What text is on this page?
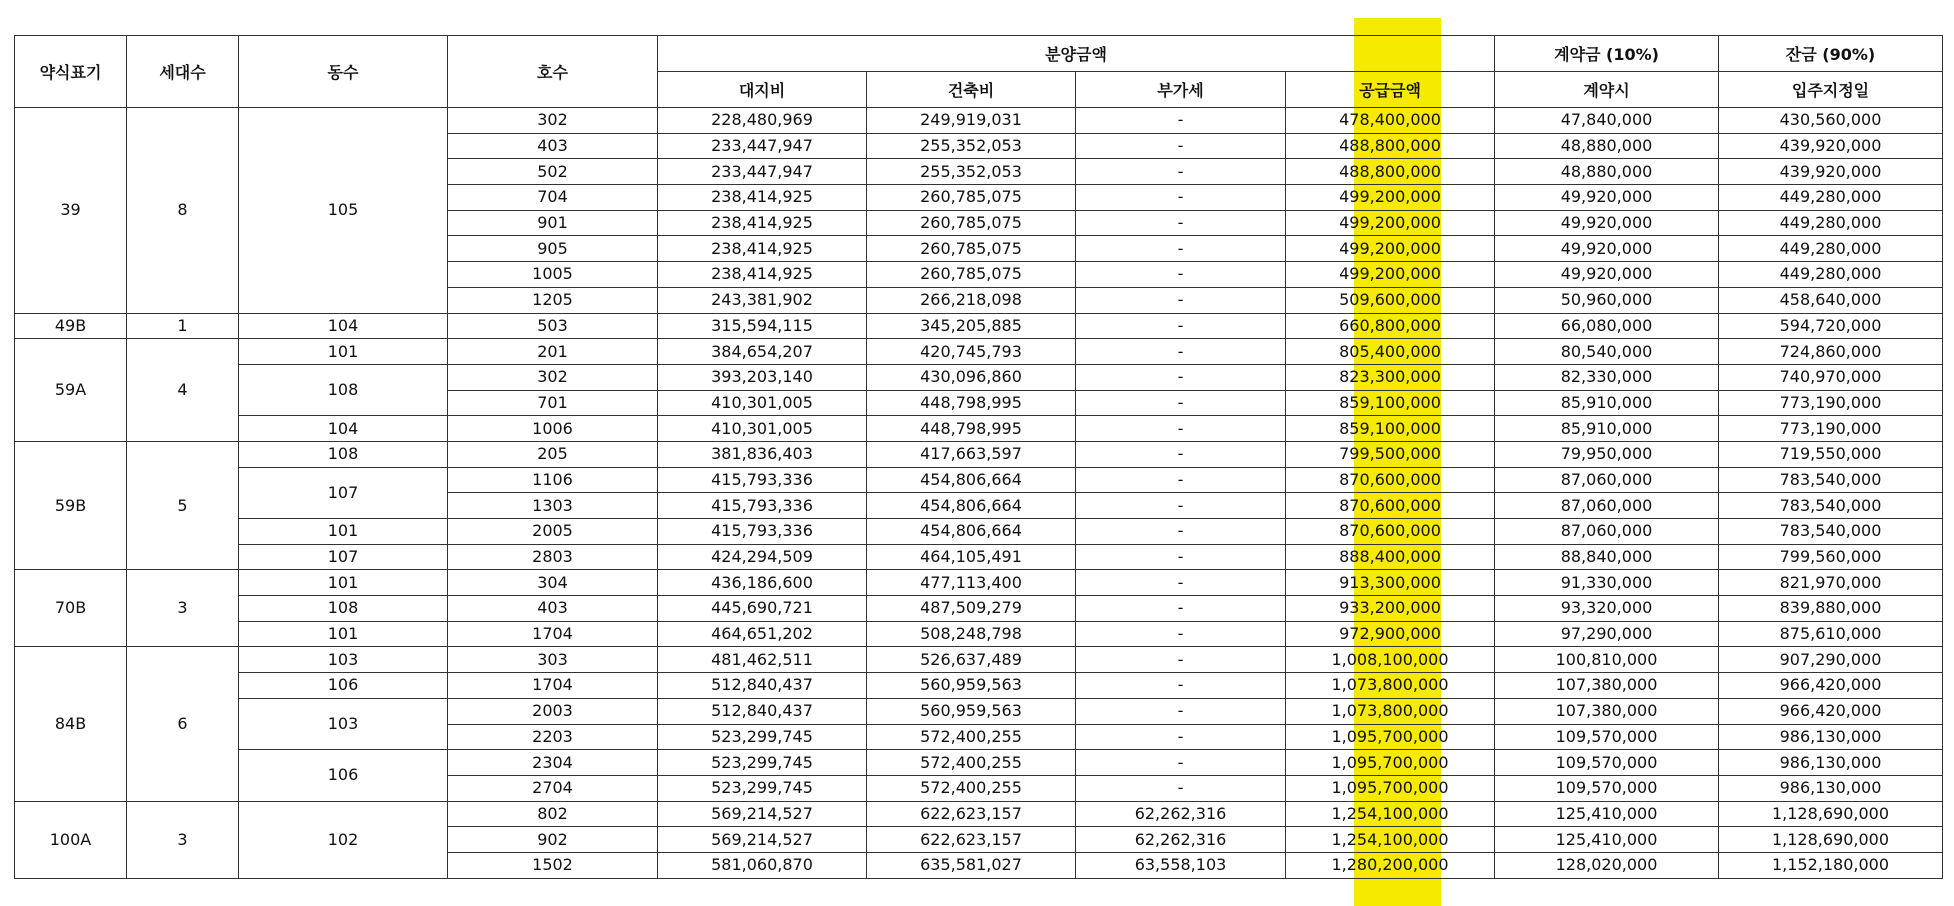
약식표기	세대수	동수	호수	분양금액				계약금 (10%)	잔금 (90%)
				대지비	건축비	부가세	공급금액	계약시	입주지정일
39	8	105	302	228,480,969	249,919,031	-	478,400,000	47,840,000	430,560,000
			403	233,447,947	255,352,053	-	488,800,000	48,880,000	439,920,000
			502	233,447,947	255,352,053	-	488,800,000	48,880,000	439,920,000
			704	238,414,925	260,785,075	-	499,200,000	49,920,000	449,280,000
			901	238,414,925	260,785,075	-	499,200,000	49,920,000	449,280,000
			905	238,414,925	260,785,075	-	499,200,000	49,920,000	449,280,000
			1005	238,414,925	260,785,075	-	499,200,000	49,920,000	449,280,000
			1205	243,381,902	266,218,098	-	509,600,000	50,960,000	458,640,000
49B	1	104	503	315,594,115	345,205,885	-	660,800,000	66,080,000	594,720,000
59A	4	101	201	384,654,207	420,745,793	-	805,400,000	80,540,000	724,860,000
		108	302	393,203,140	430,096,860	-	823,300,000	82,330,000	740,970,000
			701	410,301,005	448,798,995	-	859,100,000	85,910,000	773,190,000
		104	1006	410,301,005	448,798,995	-	859,100,000	85,910,000	773,190,000
59B	5	108	205	381,836,403	417,663,597	-	799,500,000	79,950,000	719,550,000
		107	1106	415,793,336	454,806,664	-	870,600,000	87,060,000	783,540,000
			1303	415,793,336	454,806,664	-	870,600,000	87,060,000	783,540,000
		101	2005	415,793,336	454,806,664	-	870,600,000	87,060,000	783,540,000
		107	2803	424,294,509	464,105,491	-	888,400,000	88,840,000	799,560,000
70B	3	101	304	436,186,600	477,113,400	-	913,300,000	91,330,000	821,970,000
		108	403	445,690,721	487,509,279	-	933,200,000	93,320,000	839,880,000
		101	1704	464,651,202	508,248,798	-	972,900,000	97,290,000	875,610,000
84B	6	103	303	481,462,511	526,637,489	-	1,008,100,000	100,810,000	907,290,000
		106	1704	512,840,437	560,959,563	-	1,073,800,000	107,380,000	966,420,000
		103	2003	512,840,437	560,959,563	-	1,073,800,000	107,380,000	966,420,000
			2203	523,299,745	572,400,255	-	1,095,700,000	109,570,000	986,130,000
		106	2304	523,299,745	572,400,255	-	1,095,700,000	109,570,000	986,130,000
			2704	523,299,745	572,400,255	-	1,095,700,000	109,570,000	986,130,000
100A	3	102	802	569,214,527	622,623,157	62,262,316	1,254,100,000	125,410,000	1,128,690,000
			902	569,214,527	622,623,157	62,262,316	1,254,100,000	125,410,000	1,128,690,000
			1502	581,060,870	635,581,027	63,558,103	1,280,200,000	128,020,000	1,152,180,000
